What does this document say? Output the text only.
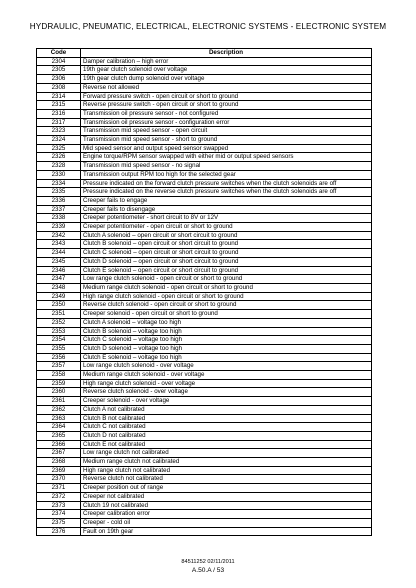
HYDRAULIC, PNEUMATIC, ELECTRICAL, ELECTRONIC SYSTEMS - ELECTRONIC SYSTEM
Code	Description
2304	Damper calibration – high error
2305	19th gear clutch solenoid over voltage
2306	19th gear clutch dump solenoid over voltage
2308	Reverse not allowed
2314	Forward pressure switch - open circuit or short to ground
2315	Reverse pressure switch - open circuit or short to ground
2316	Transmission oil pressure sensor - not configured
2317	Transmission oil pressure sensor - configuration error
2323	Transmission mid speed sensor - open circuit
2324	Transmission mid speed sensor - short to ground
2325	Mid speed sensor and output speed sensor swapped
2326	Engine torque/RPM sensor swapped with either mid or output speed sensors
2328	Transmission mid speed sensor - no signal
2330	Transmission output RPM too high for the selected gear
2334	Pressure indicated on the forward clutch pressure switches when the clutch solenoids are off
2335	Pressure indicated on the reverse clutch pressure switches when the clutch solenoids are off
2336	Creeper fails to engage
2337	Creeper fails to disengage
2338	Creeper potentiometer - short circuit to 8V or 12V
2339	Creeper potentiometer - open circuit or short to ground
2342	Clutch A solenoid – open circuit or short circuit to ground
2343	Clutch B solenoid – open circuit or short circuit to ground
2344	Clutch C solenoid – open circuit or short circuit to ground
2345	Clutch D solenoid – open circuit or short circuit to ground
2346	Clutch E solenoid – open circuit or short circuit to ground
2347	Low range clutch solenoid - open circuit or short to ground
2348	Medium range clutch solenoid - open circuit or short to ground
2349	High range clutch solenoid - open circuit or short to ground
2350	Reverse clutch solenoid - open circuit or short to ground
2351	Creeper solenoid - open circuit or short to ground
2352	Clutch A solenoid – voltage too high
2353	Clutch B solenoid – voltage too high
2354	Clutch C solenoid – voltage too high
2355	Clutch D solenoid – voltage too high
2356	Clutch E solenoid – voltage too high
2357	Low range clutch solenoid - over voltage
2358	Medium range clutch solenoid - over voltage
2359	High range clutch solenoid - over voltage
2360	Reverse clutch solenoid - over voltage
2361	Creeper solenoid - over voltage
2362	Clutch A not calibrated
2363	Clutch B not calibrated
2364	Clutch C not calibrated
2365	Clutch D not calibrated
2366	Clutch E not calibrated
2367	Low range clutch not calibrated
2368	Medium range clutch not calibrated
2369	High range clutch not calibrated
2370	Reverse clutch not calibrated
2371	Creeper position out of range
2372	Creeper not calibrated
2373	Clutch 19 not calibrated
2374	Creeper calibration error
2375	Creeper - cold oil
2376	Fault on 19th gear
84511252 02/11/2011
A.50.A / 53
